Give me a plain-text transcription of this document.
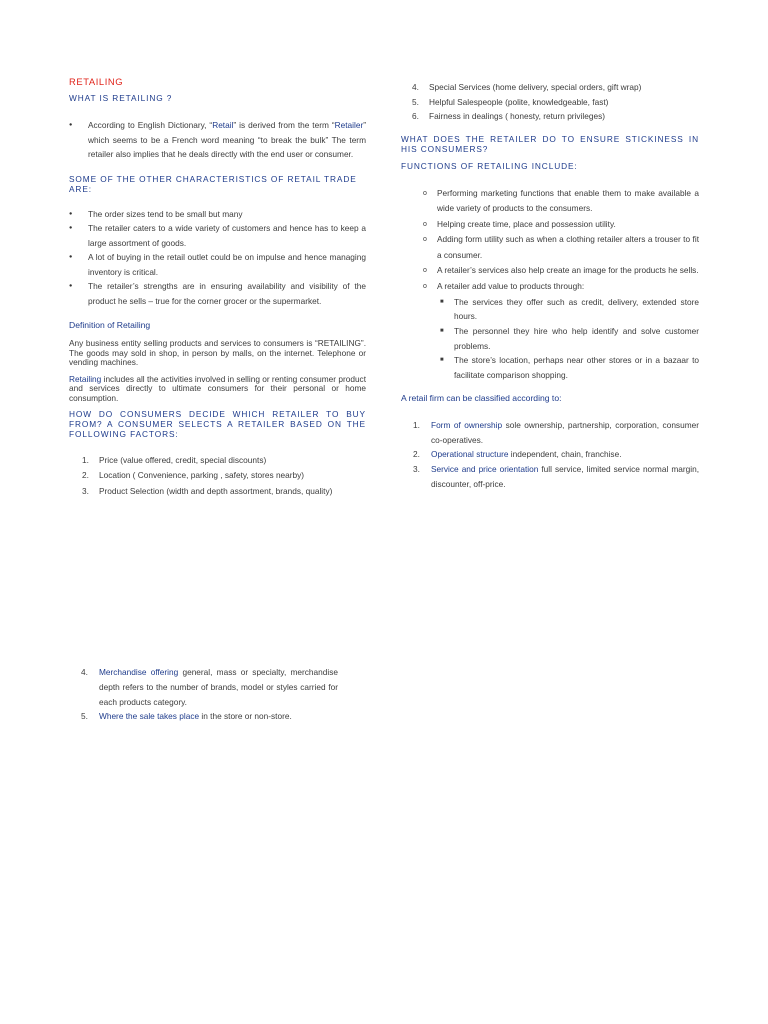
RETAILING
WHAT IS RETAILING ?
● According to English Dictionary, “Retail” is derived from the term “Retailer” which seems to be a French word meaning “to break the bulk” The term retailer also implies that he deals directly with the end user or consumer.
SOME OF THE OTHER CHARACTERISTICS OF RETAIL TRADE ARE:
● The order sizes tend to be small but many
● The retailer caters to a wide variety of customers and hence has to keep a large assortment of goods.
● A lot of buying in the retail outlet could be on impulse and hence managing inventory is critical.
● The retailer’s strengths are in ensuring availability and visibility of the product he sells – true for the corner grocer or the supermarket.
Definition of Retailing

Any business entity selling products and services to consumers is “RETAILING”. The goods may sold in shop, in person by malls, on the internet. Telephone or vending machines.

Retailing includes all the activities involved in selling or renting consumer product and services directly to ultimate consumers for their personal or home consumption.

HOW DO CONSUMERS DECIDE WHICH RETAILER TO BUY FROM? A CONSUMER SELECTS A RETAILER BASED ON THE FOLLOWING FACTORS:
1. Price (value offered, credit, special discounts)
2. Location ( Convenience, parking , safety, stores nearby)
3. Product Selection (width and depth assortment, brands, quality)
4. Merchandise offering general, mass or specialty, merchandise depth refers to the number of brands, model or styles carried for each products category.
5. Where the sale takes place in the store or non-store.
4. Special Services (home delivery, special orders, gift wrap)
5. Helpful Salespeople (polite, knowledgeable, fast)
6. Fairness in dealings ( honesty, return privileges)
WHAT DOES THE RETAILER DO TO ENSURE STICKINESS IN HIS CONSUMERS?
FUNCTIONS OF RETAILING INCLUDE:
o Performing marketing functions that enable them to make available a wide variety of products to the consumers.
o Helping create time, place and possession utility.
o Adding form utility such as when a clothing retailer alters a trouser to fit a consumer.
o A retailer’s services also help create an image for the products he sells.
o A retailer add value to products through:
■ The services they offer such as credit, delivery, extended store hours.
■ The personnel they hire who help identify and solve customer problems.
■ The store’s location, perhaps near other stores or in a bazaar to facilitate comparison shopping.
A retail firm can be classified according to:
1. Form of ownership sole ownership, partnership, corporation, consumer co-operatives.
2. Operational structure independent, chain, franchise.
3. Service and price orientation full service, limited service normal margin, discounter, off-price.
